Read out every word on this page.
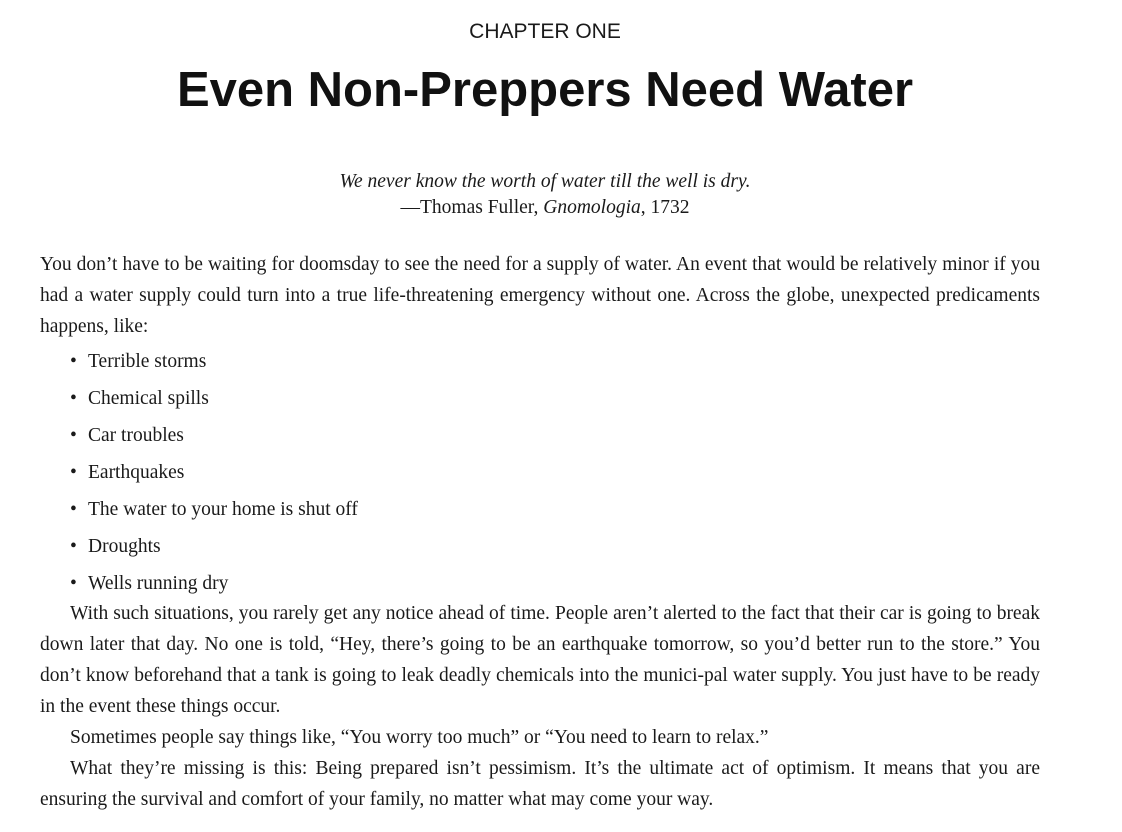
CHAPTER ONE
Even Non-Preppers Need Water
We never know the worth of water till the well is dry.
—Thomas Fuller, Gnomologia, 1732

You don’t have to be waiting for doomsday to see the need for a supply of water. An event that would be relatively minor if you had a water supply could turn into a true life-threatening emergency without one. Across the globe, unexpected predicaments happens, like:

• Terrible storms
• Chemical spills
• Car troubles
• Earthquakes
• The water to your home is shut off
• Droughts
• Wells running dry

With such situations, you rarely get any notice ahead of time. People aren’t alerted to the fact that their car is going to break down later that day. No one is told, “Hey, there’s going to be an earthquake tomorrow, so you’d better run to the store.” You don’t know beforehand that a tank is going to leak deadly chemicals into the munici-pal water supply. You just have to be ready in the event these things occur.

Sometimes people say things like, “You worry too much” or “You need to learn to relax.”

What they’re missing is this: Being prepared isn’t pessimism. It’s the ultimate act of optimism. It means that you are ensuring the survival and comfort of your family, no matter what may come your way.
